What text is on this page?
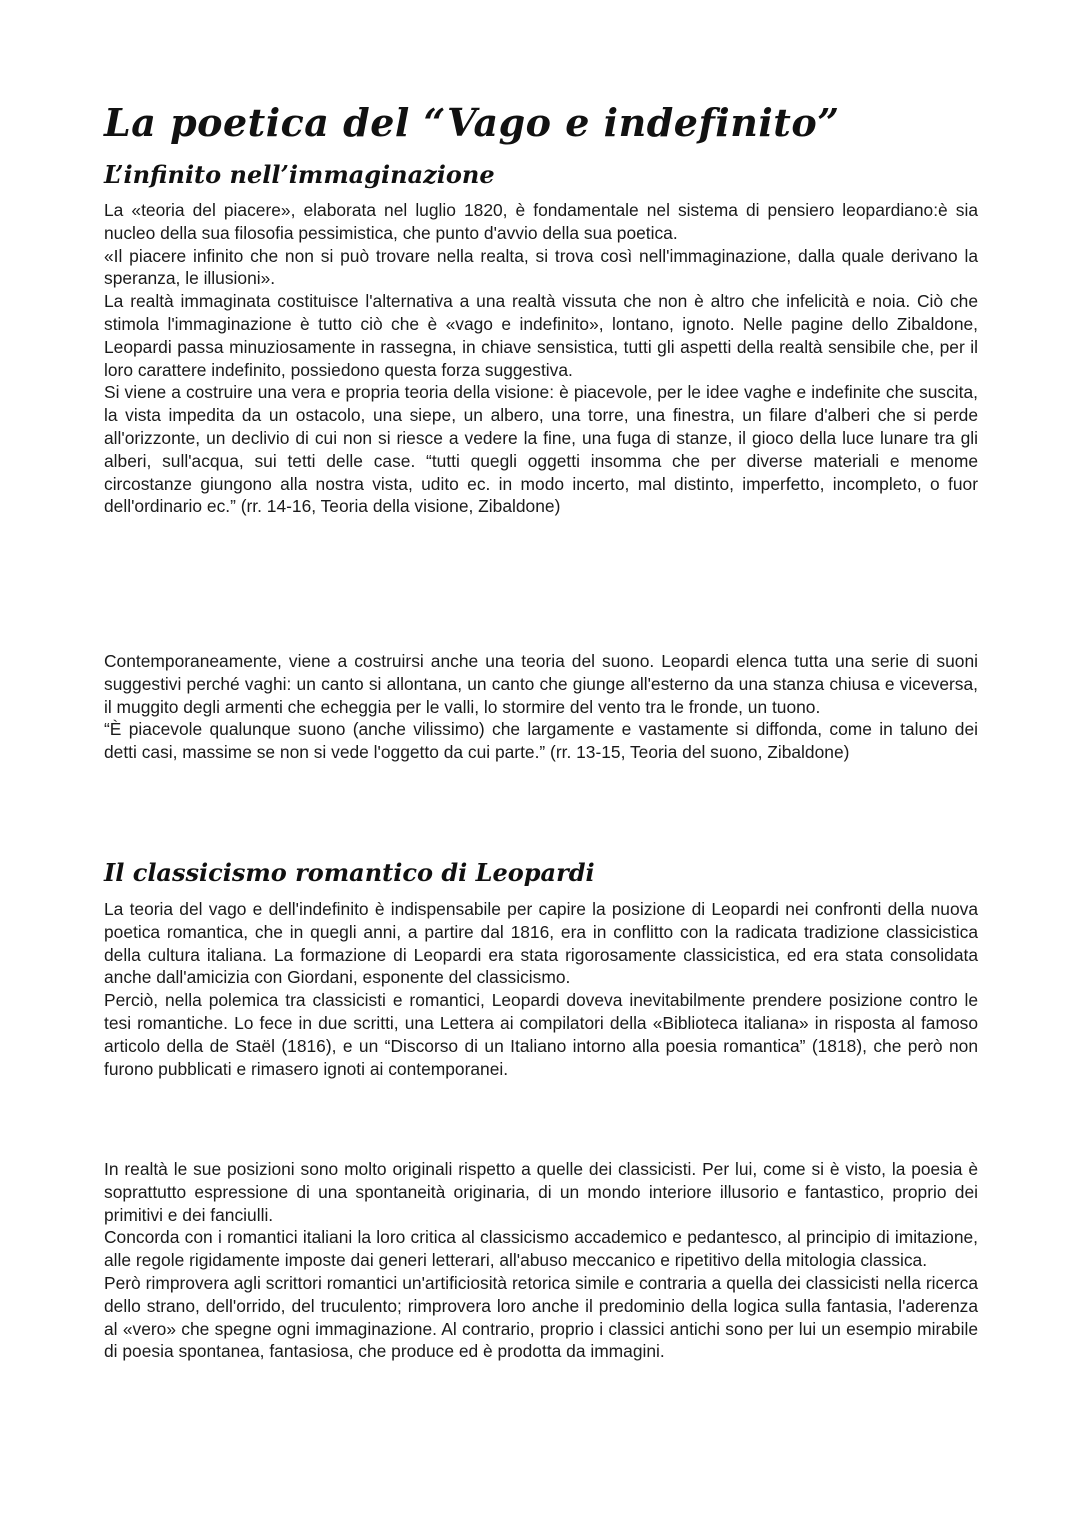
La poetica del “Vago e indefinito”
L’infinito nell’immaginazione

La «teoria del piacere», elaborata nel luglio 1820, è fondamentale nel sistema di pensiero leopardiano:è sia nucleo della sua filosofia pessimistica, che punto d'avvio della sua poetica.

«Il piacere infinito che non si può trovare nella realta, si trova così nell'immaginazione, dalla quale derivano la speranza, le illusioni».

La realtà immaginata costituisce l'alternativa a una realtà vissuta che non è altro che infelicità e noia. Ciò che stimola l'immaginazione è tutto ciò che è «vago e indefinito», lontano, ignoto. Nelle pagine dello Zibaldone, Leopardi passa minuziosamente in rassegna, in chiave sensistica, tutti gli aspetti della realtà sensibile che, per il loro carattere indefinito, possiedono questa forza suggestiva.

Si viene a costruire una vera e propria teoria della visione: è piacevole, per le idee vaghe e indefinite che suscita, la vista impedita da un ostacolo, una siepe, un albero, una torre, una finestra, un filare d'alberi che si perde all'orizzonte, un declivio di cui non si riesce a vedere la fine, una fuga di stanze, il gioco della luce lunare tra gli alberi, sull'acqua, sui tetti delle case. “tutti quegli oggetti insomma che per diverse materiali e menome circostanze giungono alla nostra vista, udito ec. in modo incerto, mal distinto, imperfetto, incompleto, o fuor dell'ordinario ec.” (rr. 14-16, Teoria della visione, Zibaldone)

Contemporaneamente, viene a costruirsi anche una teoria del suono. Leopardi elenca tutta una serie di suoni suggestivi perché vaghi: un canto si allontana, un canto che giunge all'esterno da una stanza chiusa e viceversa, il muggito degli armenti che echeggia per le valli, lo stormire del vento tra le fronde, un tuono.

“È piacevole qualunque suono (anche vilissimo) che largamente e vastamente si diffonda, come in taluno dei detti casi, massime se non si vede l'oggetto da cui parte.” (rr. 13-15, Teoria del suono, Zibaldone)

Il classicismo romantico di Leopardi

La teoria del vago e dell'indefinito è indispensabile per capire la posizione di Leopardi nei confronti della nuova poetica romantica, che in quegli anni, a partire dal 1816, era in conflitto con la radicata tradizione classicistica della cultura italiana. La formazione di Leopardi era stata rigorosamente classicistica, ed era stata consolidata anche dall'amicizia con Giordani, esponente del classicismo.

Perciò, nella polemica tra classicisti e romantici, Leopardi doveva inevitabilmente prendere posizione contro le tesi romantiche. Lo fece in due scritti, una Lettera ai compilatori della «Biblioteca italiana» in risposta al famoso articolo della de Staël (1816), e un “Discorso di un Italiano intorno alla poesia romantica” (1818), che però non furono pubblicati e rimasero ignoti ai contemporanei.

In realtà le sue posizioni sono molto originali rispetto a quelle dei classicisti. Per lui, come si è visto, la poesia è soprattutto espressione di una spontaneità originaria, di un mondo interiore illusorio e fantastico, proprio dei primitivi e dei fanciulli.

Concorda con i romantici italiani la loro critica al classicismo accademico e pedantesco, al principio di imitazione, alle regole rigidamente imposte dai generi letterari, all'abuso meccanico e ripetitivo della mitologia classica.

Però rimprovera agli scrittori romantici un'artificiosità retorica simile e contraria a quella dei classicisti nella ricerca dello strano, dell'orrido, del truculento; rimprovera loro anche il predominio della logica sulla fantasia, l'aderenza al «vero» che spegne ogni immaginazione. Al contrario, proprio i classici antichi sono per lui un esempio mirabile di poesia spontanea, fantasiosa, che produce ed è prodotta da immagini.
